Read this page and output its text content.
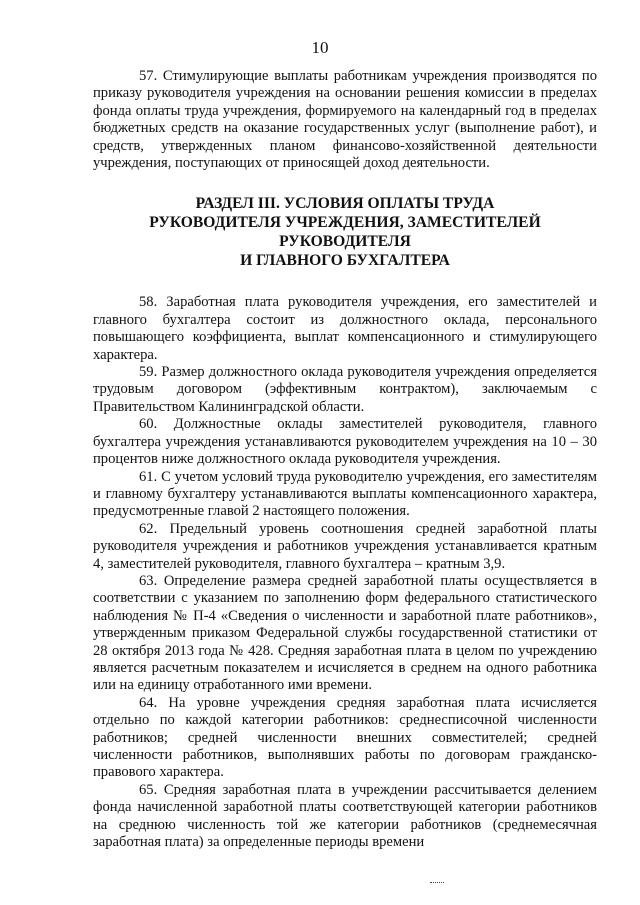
10

57. Стимулирующие выплаты работникам учреждения производятся по приказу руководителя учреждения на основании решения комиссии в пределах фонда оплаты труда учреждения, формируемого на календарный год в пределах бюджетных средств на оказание государственных услуг (выполнение работ), и средств, утвержденных планом финансово-хозяйственной деятельности учреждения, поступающих от приносящей доход деятельности.

РАЗДЕЛ III. УСЛОВИЯ ОПЛАТЫ ТРУДА
РУКОВОДИТЕЛЯ УЧРЕЖДЕНИЯ, ЗАМЕСТИТЕЛЕЙ РУКОВОДИТЕЛЯ
И ГЛАВНОГО БУХГАЛТЕРА

58. Заработная плата руководителя учреждения, его заместителей и главного бухгалтера состоит из должностного оклада, персонального повышающего коэффициента, выплат компенсационного и стимулирующего характера.

59. Размер должностного оклада руководителя учреждения определяется трудовым договором (эффективным контрактом), заключаемым с Правительством Калининградской области.

60. Должностные оклады заместителей руководителя, главного бухгалтера учреждения устанавливаются руководителем учреждения на 10 – 30 процентов ниже должностного оклада руководителя учреждения.

61. С учетом условий труда руководителю учреждения, его заместителям и главному бухгалтеру устанавливаются выплаты компенсационного характера, предусмотренные главой 2 настоящего положения.

62. Предельный уровень соотношения средней заработной платы руководителя учреждения и работников учреждения устанавливается кратным 4, заместителей руководителя, главного бухгалтера – кратным 3,9.

63. Определение размера средней заработной платы осуществляется в соответствии с указанием по заполнению форм федерального статистического наблюдения № П-4 «Сведения о численности и заработной плате работников», утвержденным приказом Федеральной службы государственной статистики от 28 октября 2013 года № 428. Средняя заработная плата в целом по учреждению является расчетным показателем и исчисляется в среднем на одного работника или на единицу отработанного ими времени.

64. На уровне учреждения средняя заработная плата исчисляется отдельно по каждой категории работников: среднесписочной численности работников; средней численности внешних совместителей; средней численности работников, выполнявших работы по договорам гражданско-правового характера.

65. Средняя заработная плата в учреждении рассчитывается делением фонда начисленной заработной платы соответствующей категории работников на среднюю численность той же категории работников (среднемесячная заработная плата) за определенные периоды времени
